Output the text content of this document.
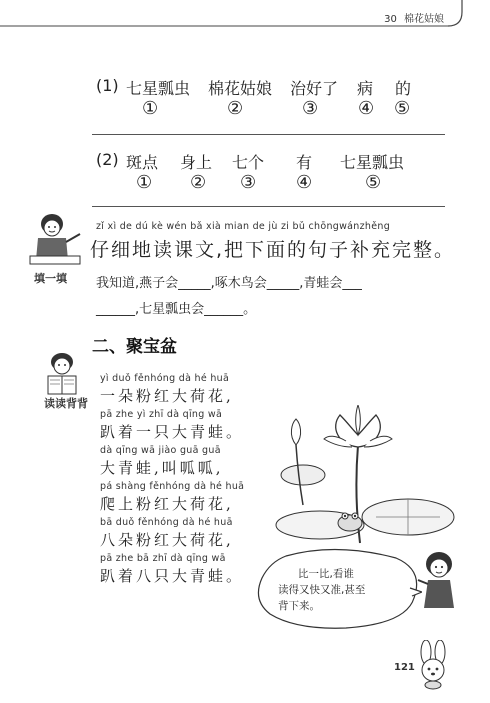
30 棉花姑娘
(1) 七星瓢虫 棉花姑娘 治好了 病 的
①	②	③ ④ ⑤
(2) 斑点 身上 七个 有 七星瓢虫
① ② ③ ④	⑤
填一填
zǐ xì de dú kè wén bǎ xià mian de jù zi bǔ chōngwánzhěng
仔细地读课文,把下面的句子补充完整。
我知道,燕子会_____,啄木鸟会_____,青蛙会___
______,七星瓢虫会______。
二、聚宝盆
读读背背
yì duǒ fěnhóng dà hé huā
一朵粉红大荷花,
pā zhe yì zhī dà qīng wā
趴着一只大青蛙。
dà qīng wā jiào guā guā
大青蛙,叫呱呱,
pá shàng fěnhóng dà hé huā
爬上粉红大荷花,
bā duǒ fěnhóng dà hé huā
八朵粉红大荷花,
pā zhe bā zhī dà qīng wā
趴着八只大青蛙。	比一比,看谁
读得又快又准,甚至
背下来。
121
